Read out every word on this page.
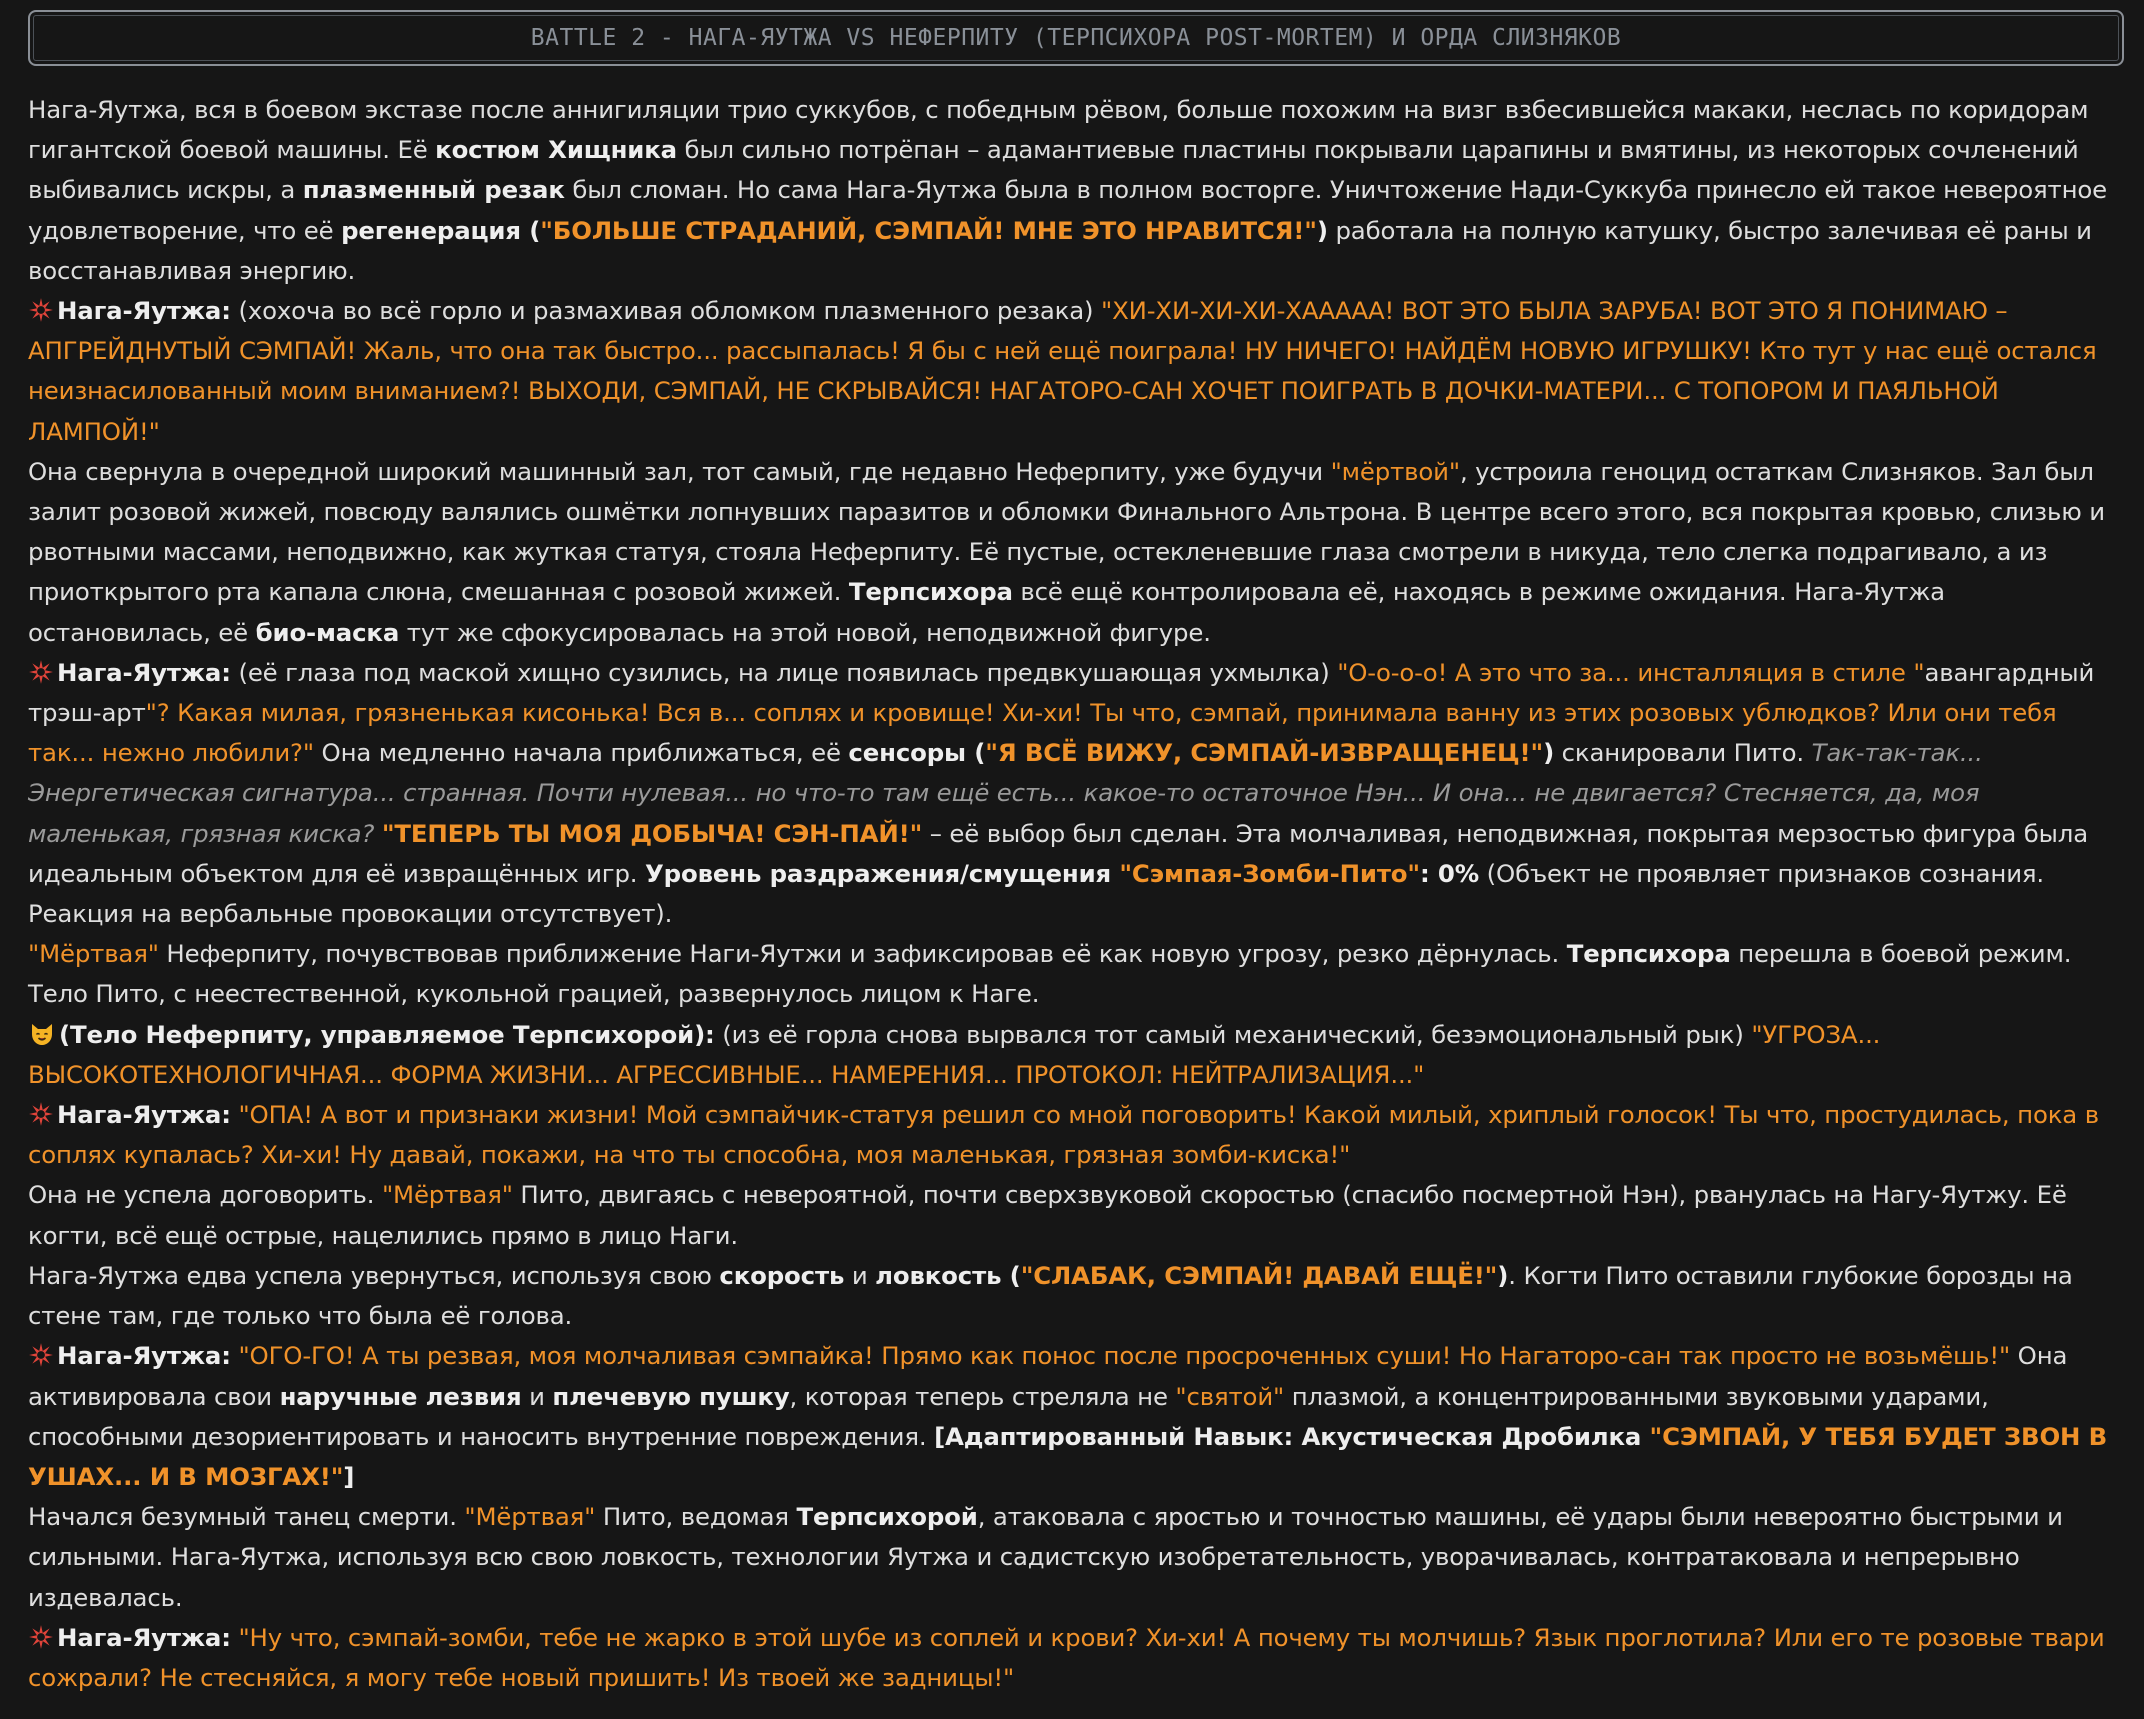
BATTLE 2 - НАГА-ЯУТЖА VS НЕФЕРПИТУ (ТЕРПСИХОРА POST-MORTEM) И ОРДА СЛИЗНЯКОВ

Нага-Яутжа, вся в боевом экстазе после аннигиляции трио суккубов, с победным рёвом, больше похожим на визг взбесившейся макаки, неслась по коридорам гигантской боевой машины. Её костюм Хищника был сильно потрёпан – адамантиевые пластины покрывали царапины и вмятины, из некоторых сочленений выбивались искры, а плазменный резак был сломан. Но сама Нага-Яутжа была в полном восторге. Уничтожение Нади-Суккуба принесло ей такое невероятное удовлетворение, что её регенерация ("БОЛЬШЕ СТРАДАНИЙ, СЭМПАЙ! МНЕ ЭТО НРАВИТСЯ!") работала на полную катушку, быстро залечивая её раны и восстанавливая энергию.

Нага-Яутжа: (хохоча во всё горло и размахивая обломком плазменного резака) "ХИ-ХИ-ХИ-ХИ-ХААААА! ВОТ ЭТО БЫЛА ЗАРУБА! ВОТ ЭТО Я ПОНИМАЮ – АПГРЕЙДНУТЫЙ СЭМПАЙ! Жаль, что она так быстро... рассыпалась! Я бы с ней ещё поиграла! НУ НИЧЕГО! НАЙДЁМ НОВУЮ ИГРУШКУ! Кто тут у нас ещё остался неизнасилованный моим вниманием?! ВЫХОДИ, СЭМПАЙ, НЕ СКРЫВАЙСЯ! НАГАТОРО-САН ХОЧЕТ ПОИГРАТЬ В ДОЧКИ-МАТЕРИ... С ТОПОРОМ И ПАЯЛЬНОЙ ЛАМПОЙ!"

Она свернула в очередной широкий машинный зал, тот самый, где недавно Неферпиту, уже будучи "мёртвой", устроила геноцид остаткам Слизняков. Зал был залит розовой жижей, повсюду валялись ошмётки лопнувших паразитов и обломки Финального Альтрона. В центре всего этого, вся покрытая кровью, слизью и рвотными массами, неподвижно, как жуткая статуя, стояла Неферпиту. Её пустые, остекленевшие глаза смотрели в никуда, тело слегка подрагивало, а из приоткрытого рта капала слюна, смешанная с розовой жижей. Терпсихора всё ещё контролировала её, находясь в режиме ожидания. Нага-Яутжа остановилась, её био-маска тут же сфокусировалась на этой новой, неподвижной фигуре.

Нага-Яутжа: (её глаза под маской хищно сузились, на лице появилась предвкушающая ухмылка) "О-о-о-о! А это что за... инсталляция в стиле "авангардный трэш-арт"? Какая милая, грязненькая кисонька! Вся в... соплях и кровище! Хи-хи! Ты что, сэмпай, принимала ванну из этих розовых ублюдков? Или они тебя так... нежно любили?" Она медленно начала приближаться, её сенсоры ("Я ВСЁ ВИЖУ, СЭМПАЙ-ИЗВРАЩЕНЕЦ!") сканировали Пито. Так-так-так... Энергетическая сигнатура... странная. Почти нулевая... но что-то там ещё есть... какое-то остаточное Нэн... И она... не двигается? Стесняется, да, моя маленькая, грязная киска? "ТЕПЕРЬ ТЫ МОЯ ДОБЫЧА! СЭН-ПАЙ!" – её выбор был сделан. Эта молчаливая, неподвижная, покрытая мерзостью фигура была идеальным объектом для её извращённых игр. Уровень раздражения/смущения "Сэмпая-Зомби-Пито": 0% (Объект не проявляет признаков сознания. Реакция на вербальные провокации отсутствует).

"Мёртвая" Неферпиту, почувствовав приближение Наги-Яутжи и зафиксировав её как новую угрозу, резко дёрнулась. Терпсихора перешла в боевой режим. Тело Пито, с неестественной, кукольной грацией, развернулось лицом к Наге.

(Тело Неферпиту, управляемое Терпсихорой): (из её горла снова вырвался тот самый механический, безэмоциональный рык) "УГРОЗА... ВЫСОКОТЕХНОЛОГИЧНАЯ... ФОРМА ЖИЗНИ... АГРЕССИВНЫЕ... НАМЕРЕНИЯ... ПРОТОКОЛ: НЕЙТРАЛИЗАЦИЯ..."

Нага-Яутжа: "ОПА! А вот и признаки жизни! Мой сэмпайчик-статуя решил со мной поговорить! Какой милый, хриплый голосок! Ты что, простудилась, пока в соплях купалась? Хи-хи! Ну давай, покажи, на что ты способна, моя маленькая, грязная зомби-киска!"

Она не успела договорить. "Мёртвая" Пито, двигаясь с невероятной, почти сверхзвуковой скоростью (спасибо посмертной Нэн), рванулась на Нагу-Яутжу. Её когти, всё ещё острые, нацелились прямо в лицо Наги.

Нага-Яутжа едва успела увернуться, используя свою скорость и ловкость ("СЛАБАК, СЭМПАЙ! ДАВАЙ ЕЩЁ!"). Когти Пито оставили глубокие борозды на стене там, где только что была её голова.

Нага-Яутжа: "ОГО-ГО! А ты резвая, моя молчаливая сэмпайка! Прямо как понос после просроченных суши! Но Нагаторо-сан так просто не возьмёшь!" Она активировала свои наручные лезвия и плечевую пушку, которая теперь стреляла не "святой" плазмой, а концентрированными звуковыми ударами, способными дезориентировать и наносить внутренние повреждения. [Адаптированный Навык: Акустическая Дробилка "СЭМПАЙ, У ТЕБЯ БУДЕТ ЗВОН В УШАХ... И В МОЗГАХ!"]

Начался безумный танец смерти. "Мёртвая" Пито, ведомая Терпсихорой, атаковала с яростью и точностью машины, её удары были невероятно быстрыми и сильными. Нага-Яутжа, используя всю свою ловкость, технологии Яутжа и садистскую изобретательность, уворачивалась, контратаковала и непрерывно издевалась.

Нага-Яутжа: "Ну что, сэмпай-зомби, тебе не жарко в этой шубе из соплей и крови? Хи-хи! А почему ты молчишь? Язык проглотила? Или его те розовые твари сожрали? Не стесняйся, я могу тебе новый пришить! Из твоей же задницы!"
